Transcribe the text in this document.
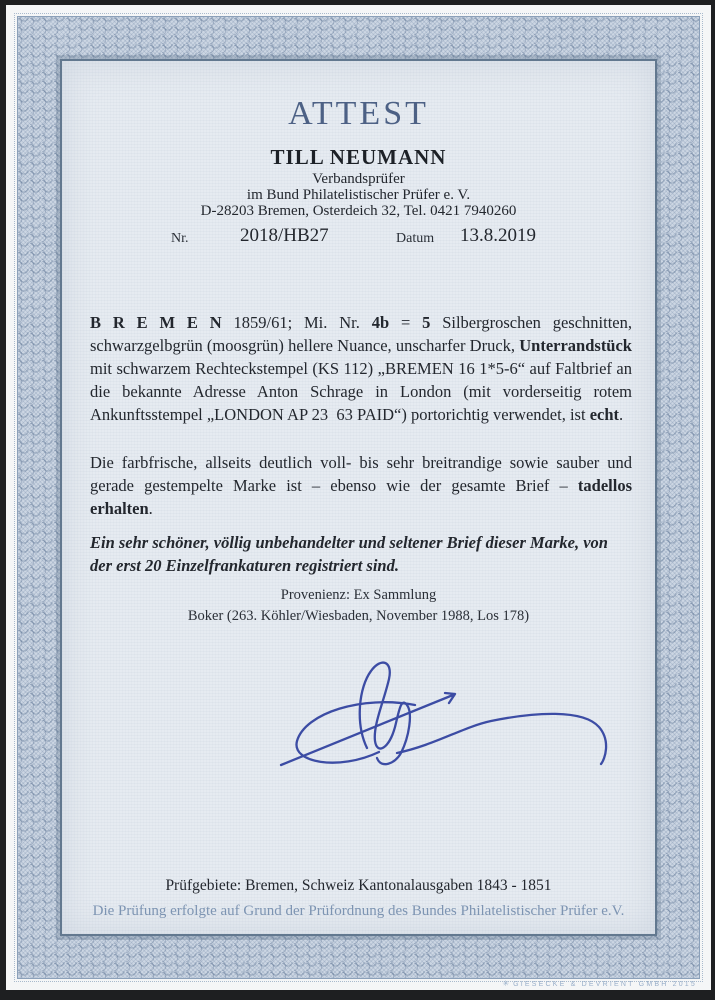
ATTEST
TILL NEUMANN
Verbandsprüfer
im Bund Philatelistischer Prüfer e. V.
D-28203 Bremen, Osterdeich 32, Tel. 0421 7940260
Nr.	2018/HB27	Datum 13.8.2019
B R E M E N 1859/61; Mi. Nr. 4b = 5 Silbergroschen geschnitten, schwarzgelbgrün (moosgrün) hellere Nuance, unscharfer Druck, Unterrandstück mit schwarzem Rechteckstempel (KS 112) „BREMEN 16 1*5-6“ auf Faltbrief an die bekannte Adresse Anton Schrage in London (mit vorderseitig rotem Ankunftsstempel „LONDON AP 23  63 PAID“) portorichtig verwendet, ist echt.
Die farbfrische, allseits deutlich voll- bis sehr breitrandige sowie sauber und gerade gestempelte Marke ist – ebenso wie der gesamte Brief – tadellos erhalten.
Ein sehr schöner, völlig unbehandelter und seltener Brief dieser Marke, von der erst 20 Einzelfrankaturen registriert sind.
Provenienz: Ex Sammlung
Boker (263. Köhler/Wiesbaden, November 1988, Los 178)
Prüfgebiete: Bremen, Schweiz Kantonalausgaben 1843 - 1851
Die Prüfung erfolgte auf Grund der Prüfordnung des Bundes Philatelistischer Prüfer e.V.
✳ GIESECKE & DEVRIENT GMBH 2015
